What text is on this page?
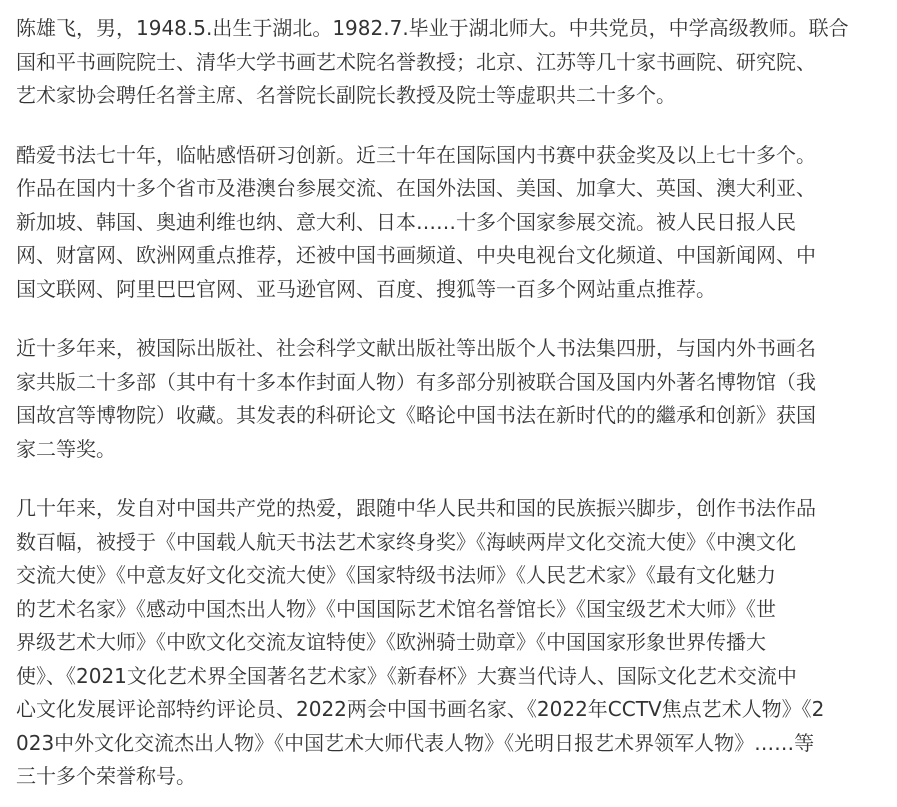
陈雄飞，男，1948.5.出生于湖北。1982.7.毕业于湖北师大。中共党员，中学高级教师。联合
国和平书画院院士、清华大学书画艺术院名誉教授；北京、江苏等几十家书画院、研究院、
艺术家协会聘任名誉主席、名誉院长副院长教授及院士等虚职共二十多个。

酷爱书法七十年，临帖感悟研习创新。近三十年在国际国内书赛中获金奖及以上七十多个。
作品在国内十多个省市及港澳台参展交流、在国外法国、美国、加拿大、英国、澳大利亚、
新加坡、韩国、奥迪利维也纳、意大利、日本……十多个国家参展交流。被人民日报人民
网、财富网、欧洲网重点推荐，还被中国书画频道、中央电视台文化频道、中国新闻网、中
国文联网、阿里巴巴官网、亚马逊官网、百度、搜狐等一百多个网站重点推荐。

近十多年来，被国际出版社、社会科学文献出版社等出版个人书法集四册，与国内外书画名
家共版二十多部（其中有十多本作封面人物）有多部分别被联合国及国内外著名博物馆（我
国故宫等博物院）收藏。其发表的科研论文《略论中国书法在新时代的的繼承和创新》获国
家二等奖。

几十年来，发自对中国共产党的热爱，跟随中华人民共和国的民族振兴脚步，创作书法作品
数百幅，被授于《中国载人航天书法艺术家终身奖》《海峡两岸文化交流大使》《中澳文化
交流大使》《中意友好文化交流大使》《国家特级书法师》《人民艺术家》《最有文化魅力
的艺术名家》《感动中国杰出人物》《中国国际艺术馆名誉馆长》《国宝级艺术大师》《世
界级艺术大师》《中欧文化交流友谊特使》《欧洲骑士勋章》《中国国家形象世界传播大
使》、《2021文化艺术界全国著名艺术家》《新春杯》大赛当代诗人、国际文化艺术交流中
心文化发展评论部特约评论员、2022两会中国书画名家、《2022年CCTV焦点艺术人物》《2
023中外文化交流杰出人物》《中国艺术大师代表人物》《光明日报艺术界领军人物》……等
三十多个荣誉称号。
